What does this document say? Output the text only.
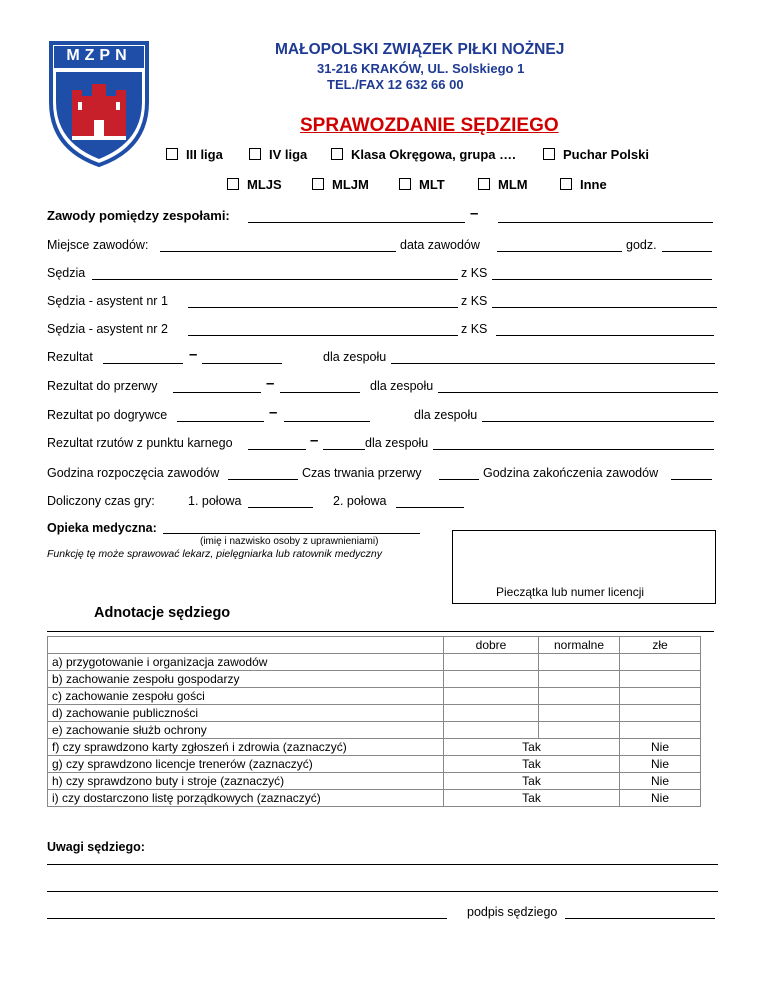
MZPN	MAŁOPOLSKI ZWIĄZEK PIŁKI NOŻNEJ
31-216 KRAKÓW, UL. Solskiego 1
TEL./FAX 12 632 66 00
SPRAWOZDANIE SĘDZIEGO
III liga	IV liga	Klasa Okręgowa, grupa ….	Puchar Polski
MLJS	MLJM	MLT	MLM	Inne
Zawody pomiędzy zespołami:	–
Miejsce zawodów:	data zawodów	godz.
Sędzia	z KS
Sędzia - asystent nr 1	z KS
Sędzia - asystent nr 2	z KS
Rezultat	–	dla zespołu
Rezultat do przerwy	–	dla zespołu
Rezultat po dogrywce	–	dla zespołu
Rezultat rzutów z punktu karnego	–	dla zespołu
Godzina rozpoczęcia zawodów	Czas trwania przerwy	Godzina zakończenia zawodów
Doliczony czas gry:	1. połowa	2. połowa
Opieka medyczna:
(imię i nazwisko osoby z uprawnieniami)
Funkcję tę może sprawować lekarz, pielęgniarka lub ratownik medyczny
Pieczątka lub numer licencji
Adnotacje sędziego
	dobre	normalne	złe
a) przygotowanie i organizacja zawodów			
b) zachowanie zespołu gospodarzy			
c) zachowanie zespołu gości			
d) zachowanie publiczności			
e) zachowanie służb ochrony			
f) czy sprawdzono karty zgłoszeń i zdrowia (zaznaczyć)	Tak		Nie
g) czy sprawdzono licencje trenerów (zaznaczyć)	Tak		Nie
h) czy sprawdzono buty i stroje (zaznaczyć)	Tak		Nie
i) czy dostarczono listę porządkowych (zaznaczyć)	Tak		Nie
Uwagi sędziego:
podpis sędziego
